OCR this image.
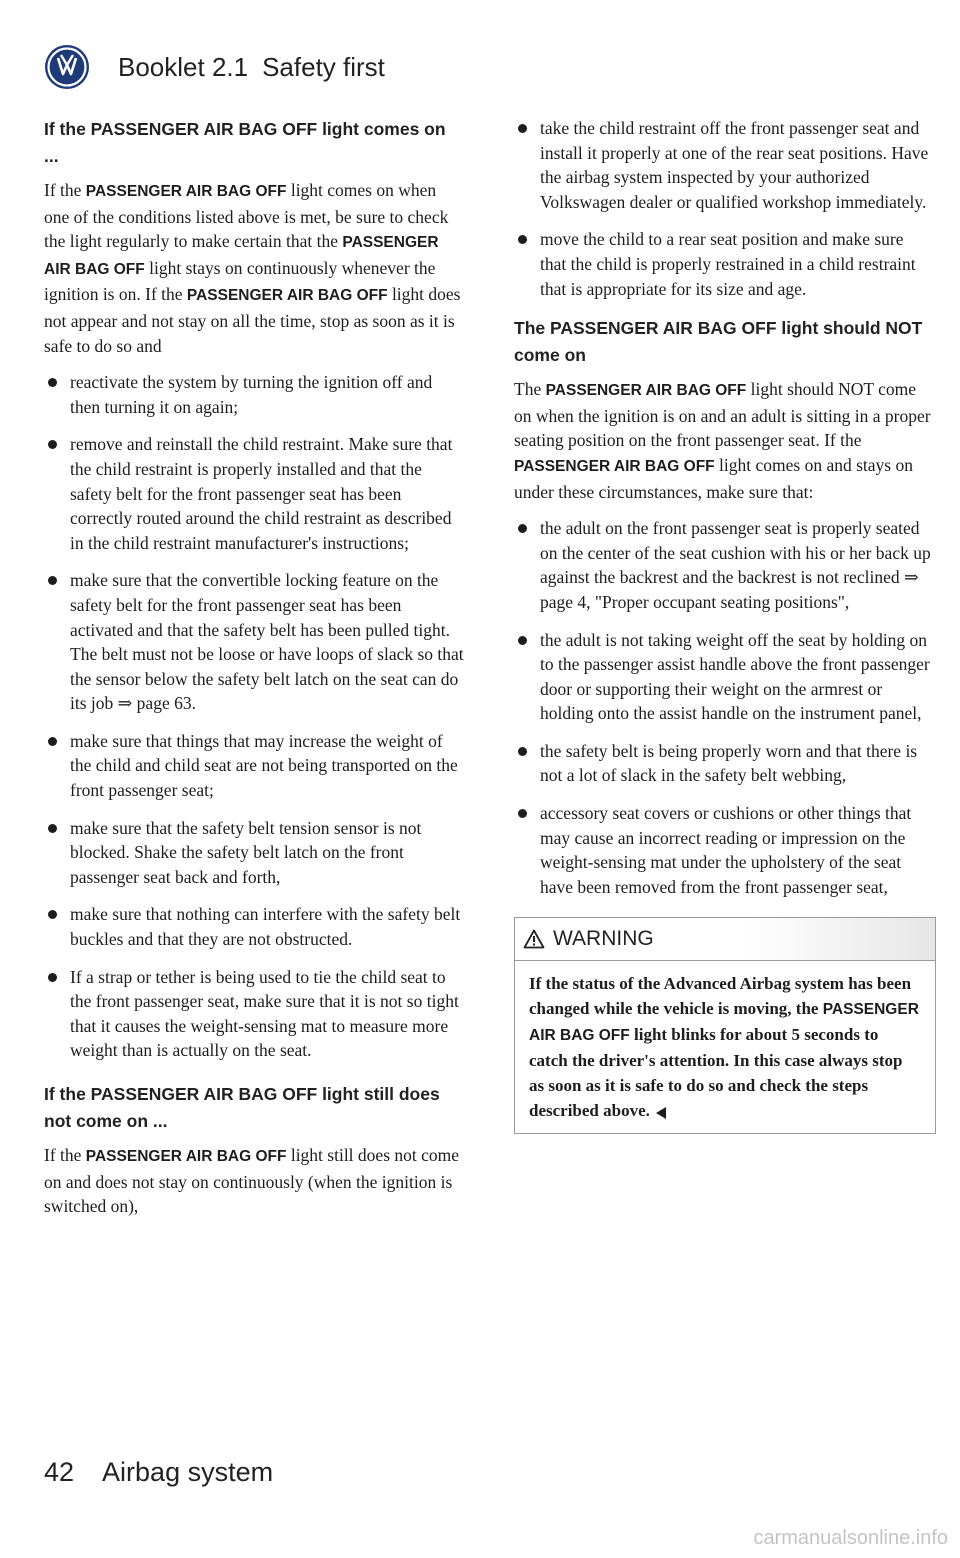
Booklet 2.1 Safety first
If the PASSENGER AIR BAG OFF light comes on ...

If the PASSENGER AIR BAG OFF light comes on when one of the conditions listed above is met, be sure to check the light regularly to make certain that the PASSENGER AIR BAG OFF light stays on continuously whenever the ignition is on. If the PASSENGER AIR BAG OFF light does not appear and not stay on all the time, stop as soon as it is safe to do so and

reactivate the system by turning the ignition off and then turning it on again;
remove and reinstall the child restraint. Make sure that the child restraint is properly installed and that the safety belt for the front passenger seat has been correctly routed around the child restraint as described in the child restraint manufacturer's instructions;
make sure that the convertible locking feature on the safety belt for the front passenger seat has been activated and that the safety belt has been pulled tight. The belt must not be loose or have loops of slack so that the sensor below the safety belt latch on the seat can do its job ⇒ page 63.
make sure that things that may increase the weight of the child and child seat are not being transported on the front passenger seat;
make sure that the safety belt tension sensor is not blocked. Shake the safety belt latch on the front passenger seat back and forth,
make sure that nothing can interfere with the safety belt buckles and that they are not obstructed.
If a strap or tether is being used to tie the child seat to the front passenger seat, make sure that it is not so tight that it causes the weight-sensing mat to measure more weight than is actually on the seat.
If the PASSENGER AIR BAG OFF light still does not come on ...

If the PASSENGER AIR BAG OFF light still does not come on and does not stay on continuously (when the ignition is switched on),

take the child restraint off the front passenger seat and install it properly at one of the rear seat positions. Have the airbag system inspected by your authorized Volkswagen dealer or qualified workshop immediately.
move the child to a rear seat position and make sure that the child is properly restrained in a child restraint that is appropriate for its size and age.
The PASSENGER AIR BAG OFF light should NOT come on

The PASSENGER AIR BAG OFF light should NOT come on when the ignition is on and an adult is sitting in a proper seating position on the front passenger seat. If the PASSENGER AIR BAG OFF light comes on and stays on under these circumstances, make sure that:

the adult on the front passenger seat is properly seated on the center of the seat cushion with his or her back up against the backrest and the backrest is not reclined ⇒ page 4, "Proper occupant seating positions",
the adult is not taking weight off the seat by holding on to the passenger assist handle above the front passenger door or supporting their weight on the armrest or holding onto the assist handle on the instrument panel,
the safety belt is being properly worn and that there is not a lot of slack in the safety belt webbing,
accessory seat covers or cushions or other things that may cause an incorrect reading or impression on the weight-sensing mat under the upholstery of the seat have been removed from the front passenger seat,
WARNING
If the status of the Advanced Airbag system has been changed while the vehicle is moving, the PASSENGER AIR BAG OFF light blinks for about 5 seconds to catch the driver's attention. In this case always stop as soon as it is safe to do so and check the steps described above.
42 Airbag system
carmanualsonline.info
